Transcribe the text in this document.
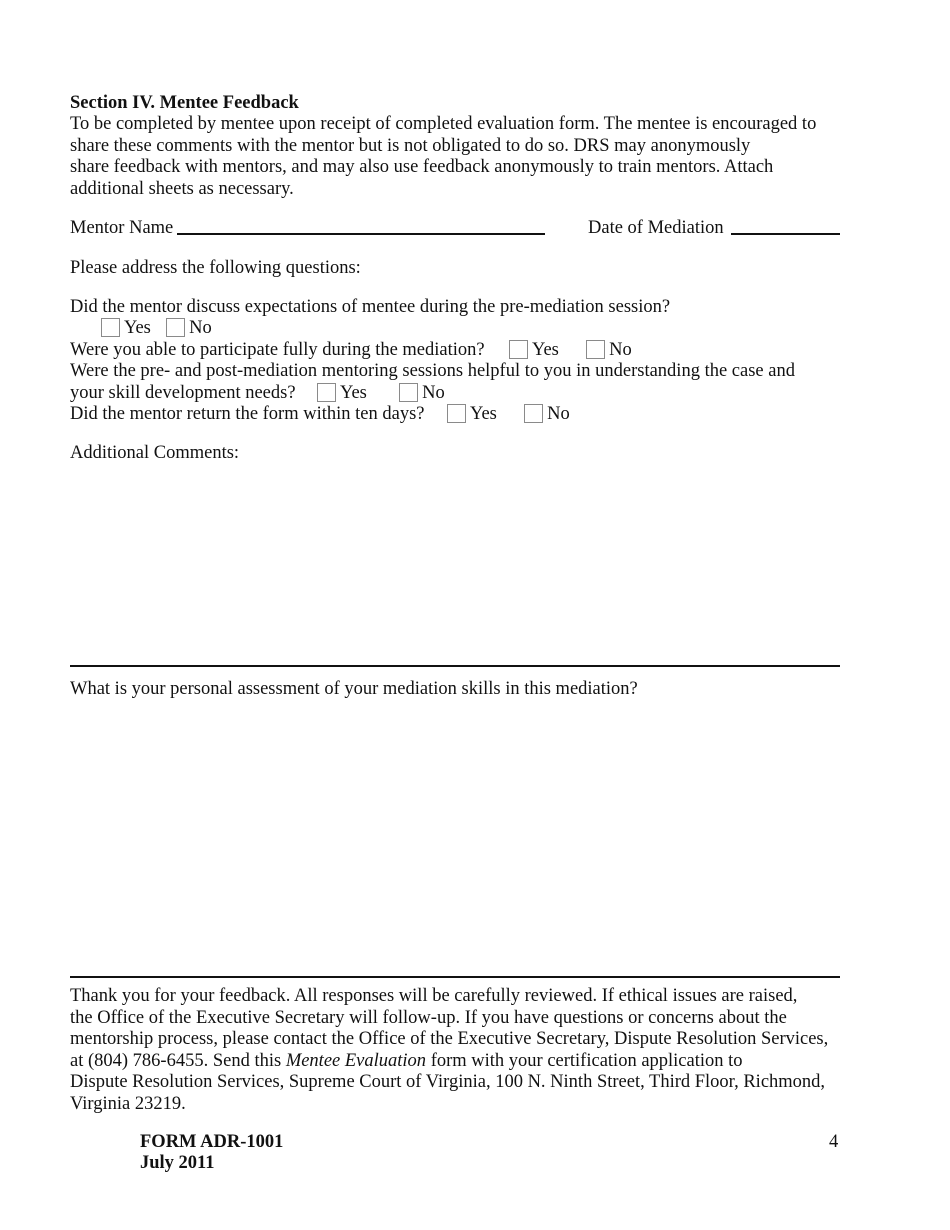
Section IV. Mentee Feedback
To be completed by mentee upon receipt of completed evaluation form. The mentee is encouraged to
share these comments with the mentor but is not obligated to do so. DRS may anonymously
share feedback with mentors, and may also use feedback anonymously to train mentors. Attach
additional sheets as necessary.
Mentor Name	Date of Mediation
Please address the following questions:
Did the mentor discuss expectations of mentee during the pre-mediation session?
Yes No
Were you able to participate fully during the mediation?	Yes	No
Were the pre- and post-mediation mentoring sessions helpful to you in understanding the case and
your skill development needs?	Yes	No
Did the mentor return the form within ten days?	Yes	No
Additional Comments:
What is your personal assessment of your mediation skills in this mediation?
Thank you for your feedback. All responses will be carefully reviewed. If ethical issues are raised,
the Office of the Executive Secretary will follow-up. If you have questions or concerns about the
mentorship process, please contact the Office of the Executive Secretary, Dispute Resolution Services,
at (804) 786-6455. Send this Mentee Evaluation form with your certification application to
Dispute Resolution Services, Supreme Court of Virginia, 100 N. Ninth Street, Third Floor, Richmond,
Virginia 23219.
FORM ADR-1001
July 2011
4
